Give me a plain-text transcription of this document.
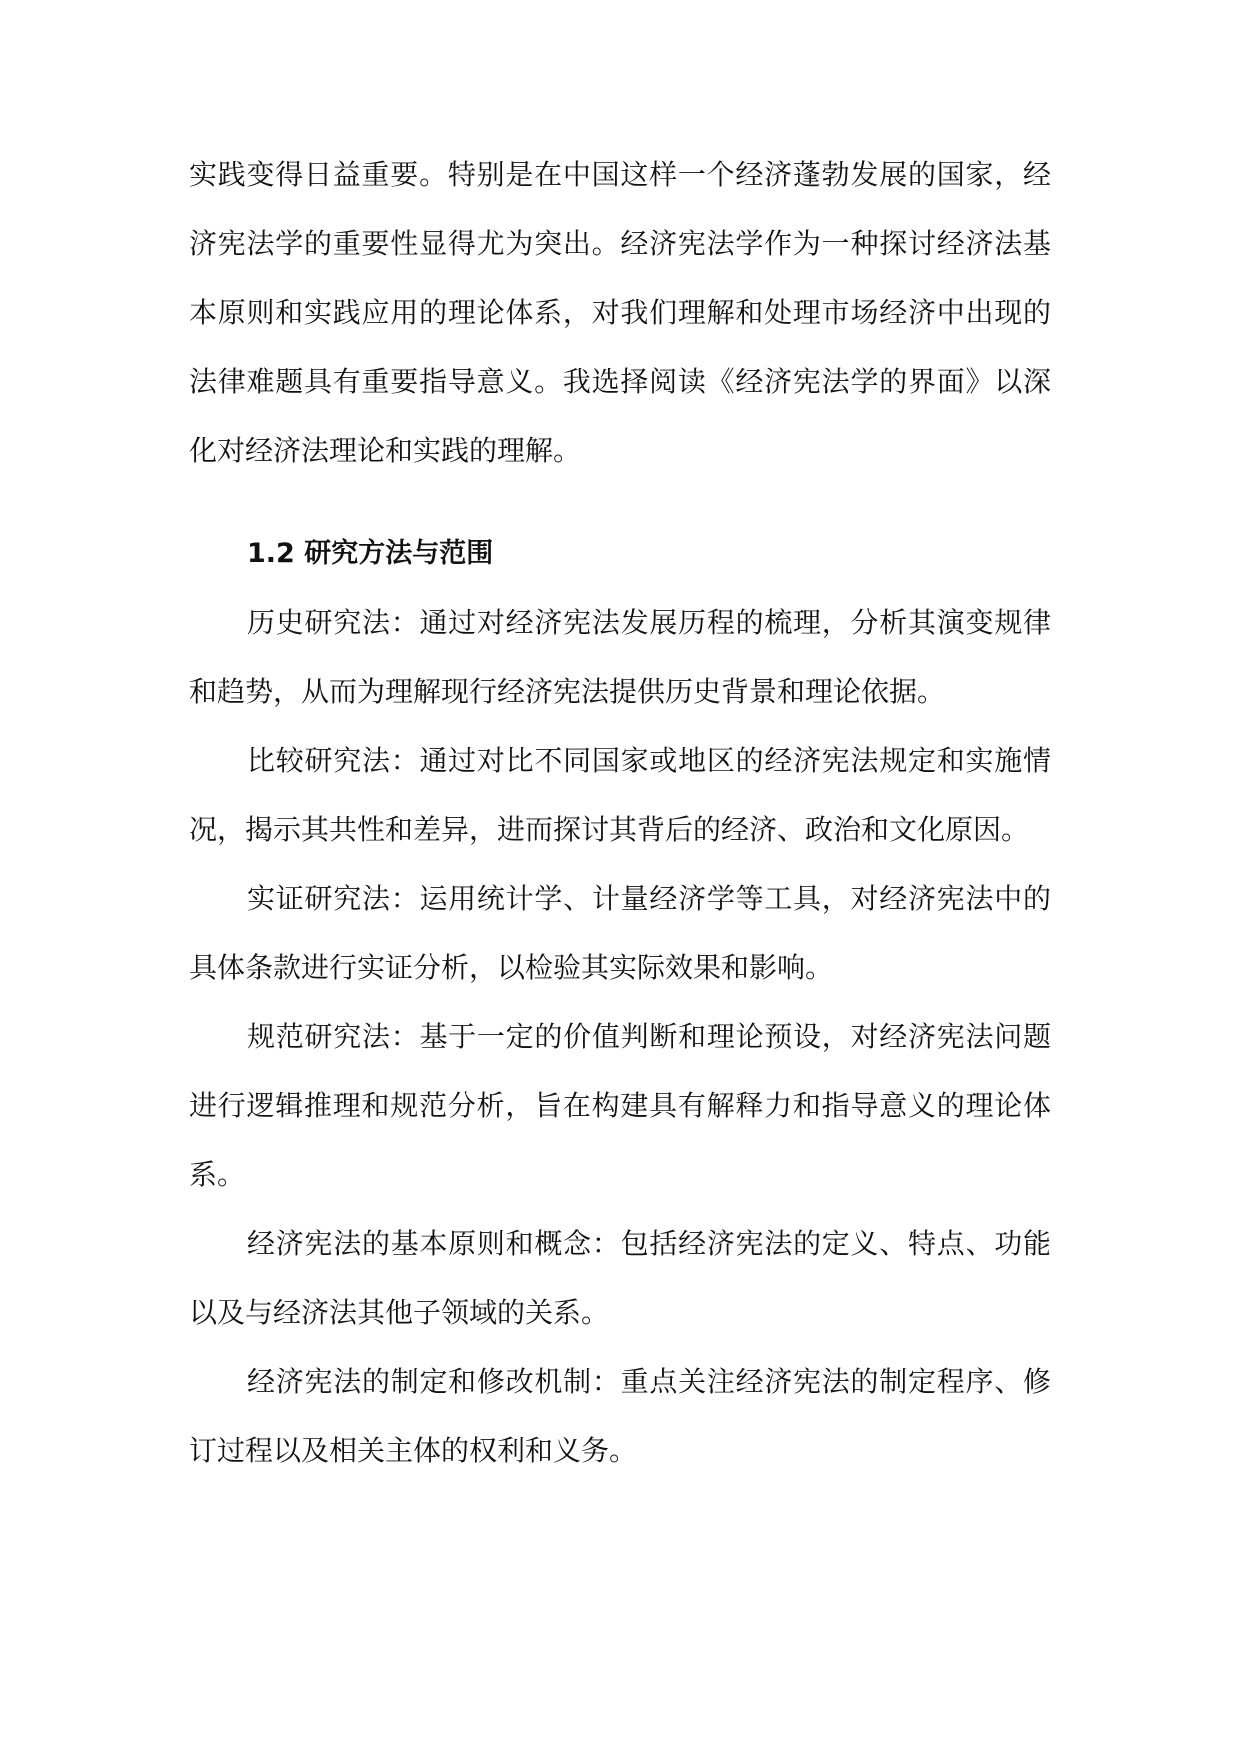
实践变得日益重要。特别是在中国这样一个经济蓬勃发展的国家，经济宪法学的重要性显得尤为突出。经济宪法学作为一种探讨经济法基本原则和实践应用的理论体系，对我们理解和处理市场经济中出现的法律难题具有重要指导意义。我选择阅读《经济宪法学的界面》以深化对经济法理论和实践的理解。

1.2 研究方法与范围

历史研究法：通过对经济宪法发展历程的梳理，分析其演变规律和趋势，从而为理解现行经济宪法提供历史背景和理论依据。

比较研究法：通过对比不同国家或地区的经济宪法规定和实施情况，揭示其共性和差异，进而探讨其背后的经济、政治和文化原因。

实证研究法：运用统计学、计量经济学等工具，对经济宪法中的具体条款进行实证分析，以检验其实际效果和影响。

规范研究法：基于一定的价值判断和理论预设，对经济宪法问题进行逻辑推理和规范分析，旨在构建具有解释力和指导意义的理论体系。

经济宪法的基本原则和概念：包括经济宪法的定义、特点、功能以及与经济法其他子领域的关系。

经济宪法的制定和修改机制：重点关注经济宪法的制定程序、修订过程以及相关主体的权利和义务。
